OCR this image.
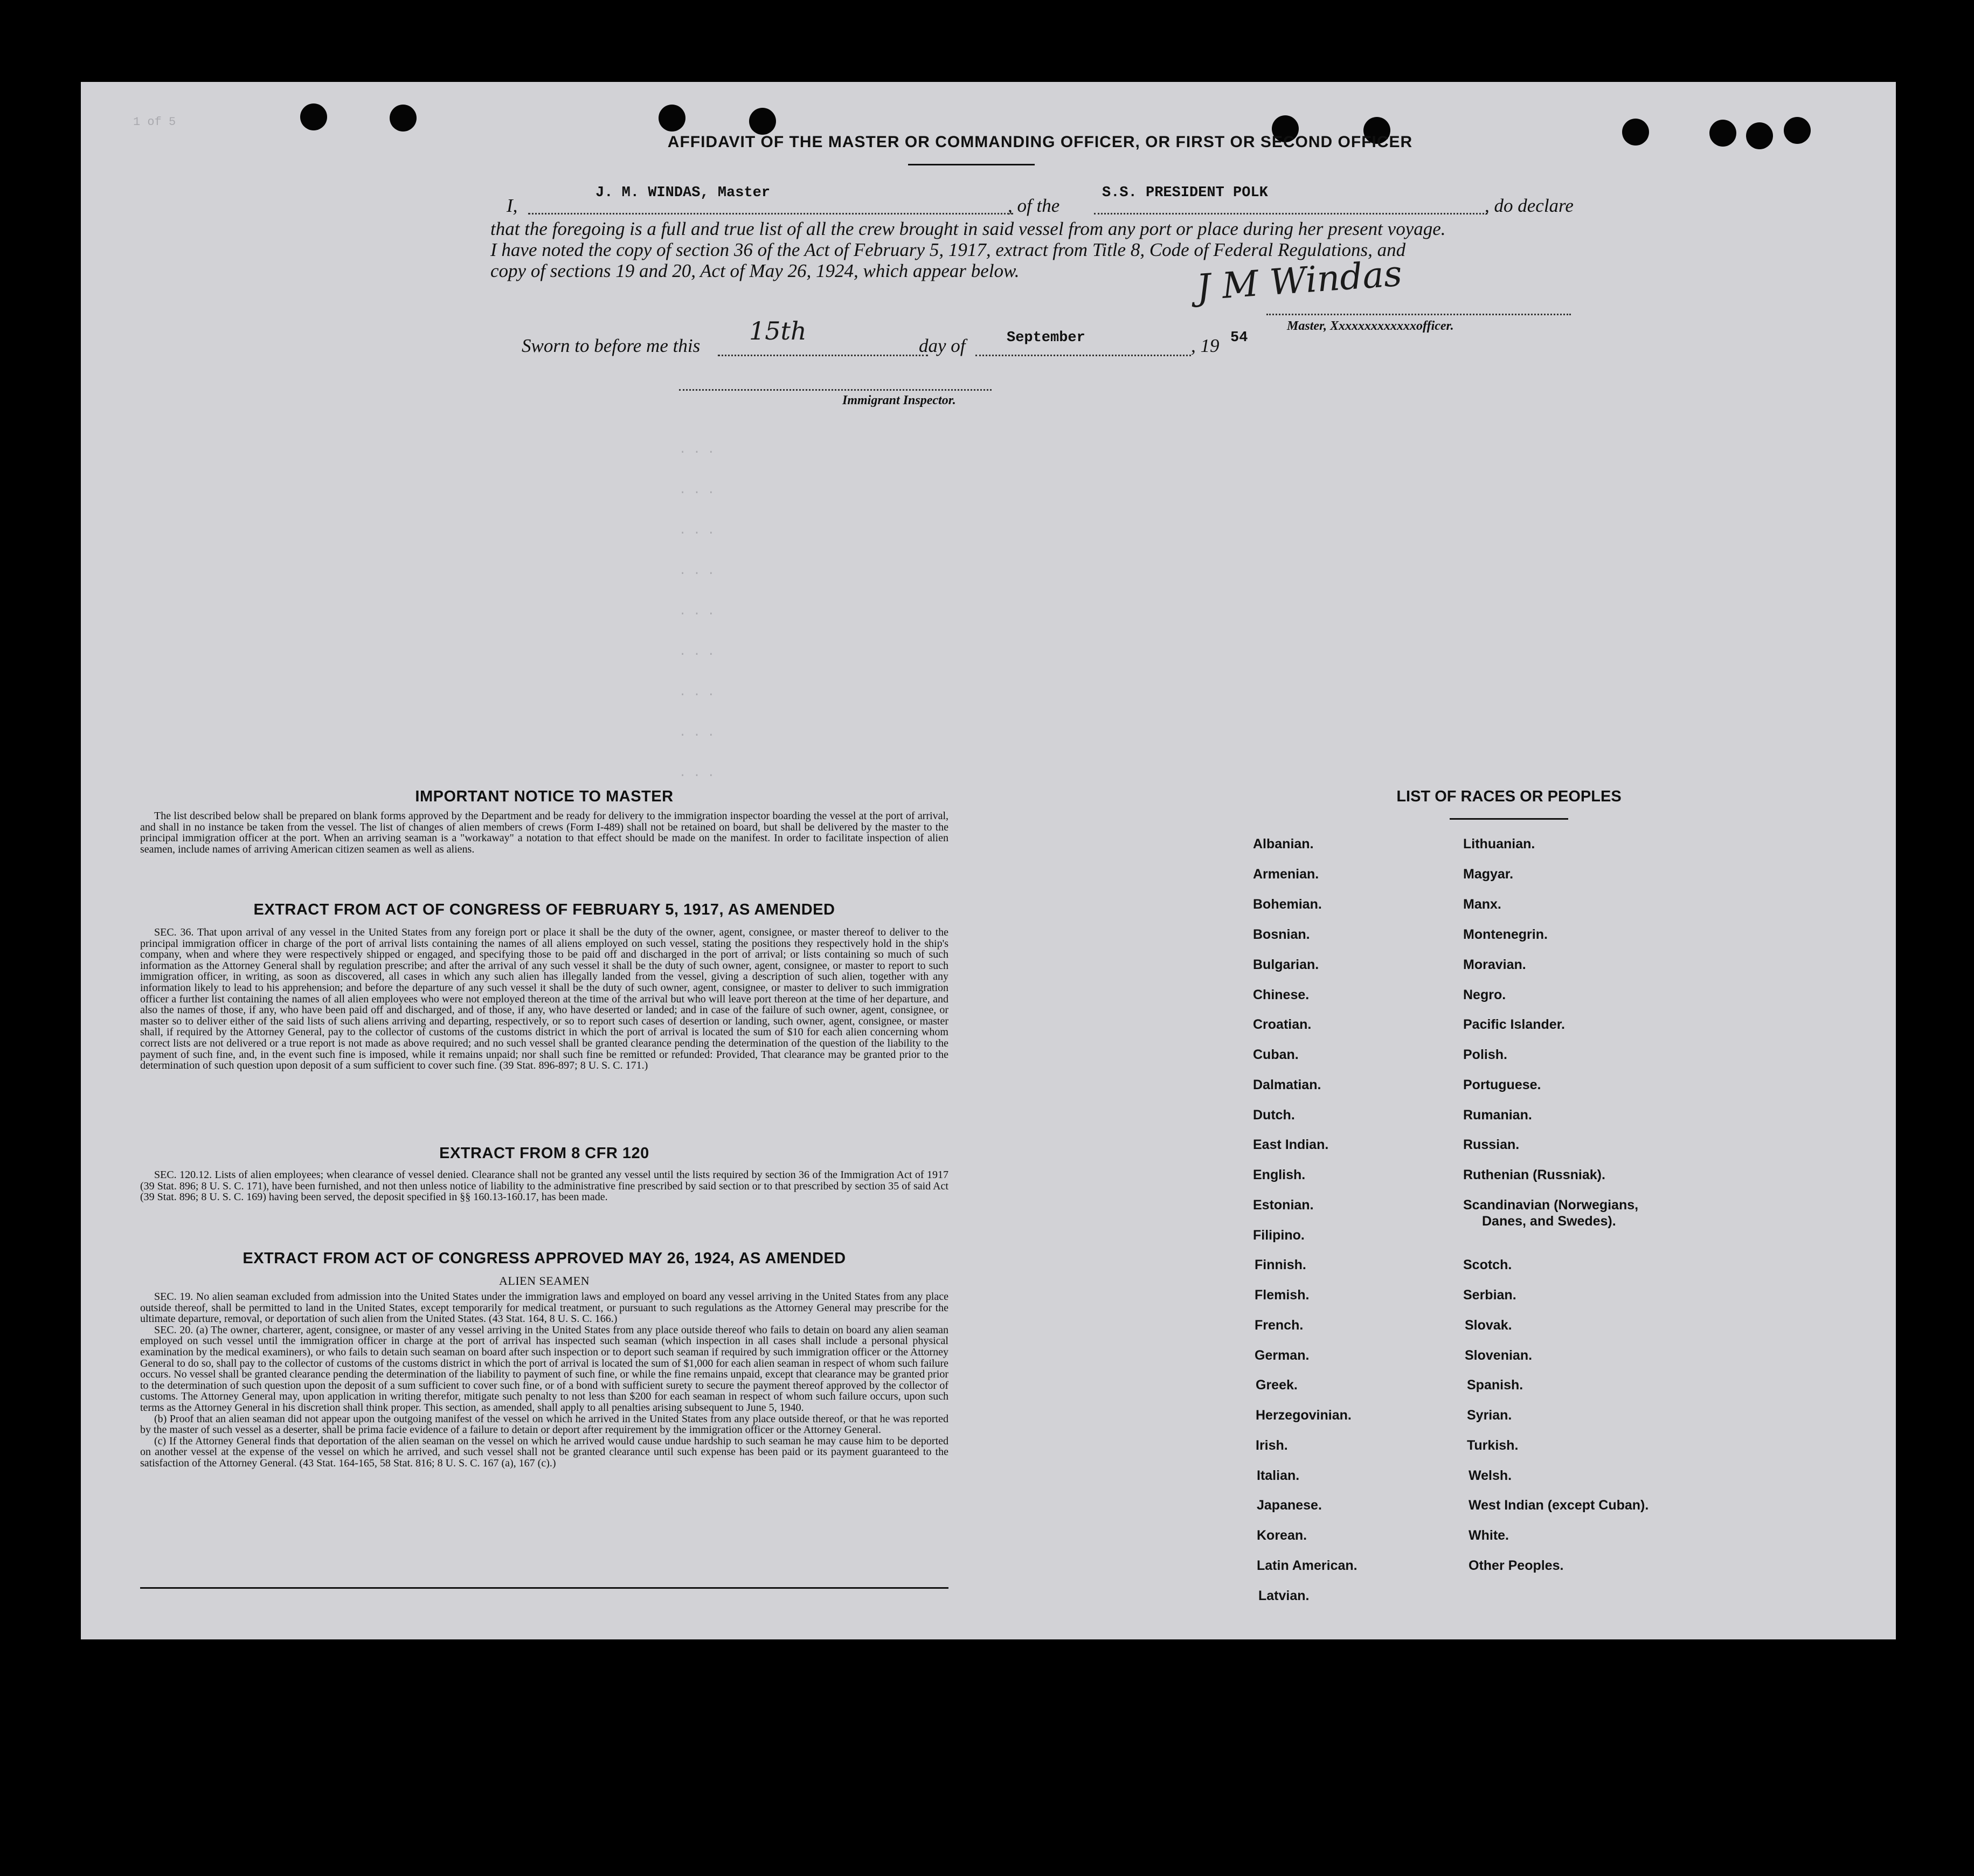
1 of 5
AFFIDAVIT OF THE MASTER OR COMMANDING OFFICER, OR FIRST OR SECOND OFFICER
I,
J. M. WINDAS, Master
, of the
S.S. PRESIDENT POLK
, do declare
that the foregoing is a full and true list of all the crew brought in said vessel from any port or place during her present voyage.
I have noted the copy of section 36 of the Act of February 5, 1917, extract from Title 8, Code of Federal Regulations, and
copy of sections 19 and 20, Act of May 26, 1924, which appear below.	J M Windas
Master, Xxxxxxxxxxxxxofficer.
Sworn to before me this
15th
day of	September	, 19 54
Immigrant Inspector.
. . .
. . .
. . .
. . .
. . .
. . .
. . .
. . .
. . .
IMPORTANT NOTICE TO MASTER

The list described below shall be prepared on blank forms approved by the Department and be ready for delivery to the immigration inspector boarding the vessel at the port of arrival, and shall in no instance be taken from the vessel. The list of changes of alien members of crews (Form I-489) shall not be retained on board, but shall be delivered by the master to the principal immigration officer at the port. When an arriving seaman is a "workaway" a notation to that effect should be made on the manifest. In order to facilitate inspection of alien seamen, include names of arriving American citizen seamen as well as aliens.

EXTRACT FROM ACT OF CONGRESS OF FEBRUARY 5, 1917, AS AMENDED

SEC. 36. That upon arrival of any vessel in the United States from any foreign port or place it shall be the duty of the owner, agent, consignee, or master thereof to deliver to the principal immigration officer in charge of the port of arrival lists containing the names of all aliens employed on such vessel, stating the positions they respectively hold in the ship's company, when and where they were respectively shipped or engaged, and specifying those to be paid off and discharged in the port of arrival; or lists containing so much of such information as the Attorney General shall by regulation prescribe; and after the arrival of any such vessel it shall be the duty of such owner, agent, consignee, or master to report to such immigration officer, in writing, as soon as discovered, all cases in which any such alien has illegally landed from the vessel, giving a description of such alien, together with any information likely to lead to his apprehension; and before the departure of any such vessel it shall be the duty of such owner, agent, consignee, or master to deliver to such immigration officer a further list containing the names of all alien employees who were not employed thereon at the time of the arrival but who will leave port thereon at the time of her departure, and also the names of those, if any, who have been paid off and discharged, and of those, if any, who have deserted or landed; and in case of the failure of such owner, agent, consignee, or master so to deliver either of the said lists of such aliens arriving and departing, respectively, or so to report such cases of desertion or landing, such owner, agent, consignee, or master shall, if required by the Attorney General, pay to the collector of customs of the customs district in which the port of arrival is located the sum of $10 for each alien concerning whom correct lists are not delivered or a true report is not made as above required; and no such vessel shall be granted clearance pending the determination of the question of the liability to the payment of such fine, and, in the event such fine is imposed, while it remains unpaid; nor shall such fine be remitted or refunded: Provided, That clearance may be granted prior to the determination of such question upon deposit of a sum sufficient to cover such fine. (39 Stat. 896-897; 8 U. S. C. 171.)

EXTRACT FROM 8 CFR 120

SEC. 120.12. Lists of alien employees; when clearance of vessel denied. Clearance shall not be granted any vessel until the lists required by section 36 of the Immigration Act of 1917 (39 Stat. 896; 8 U. S. C. 171), have been furnished, and not then unless notice of liability to the administrative fine prescribed by said section or to that prescribed by section 35 of said Act (39 Stat. 896; 8 U. S. C. 169) having been served, the deposit specified in §§ 160.13-160.17, has been made.

EXTRACT FROM ACT OF CONGRESS APPROVED MAY 26, 1924, AS AMENDED
ALIEN SEAMEN

SEC. 19. No alien seaman excluded from admission into the United States under the immigration laws and employed on board any vessel arriving in the United States from any place outside thereof, shall be permitted to land in the United States, except temporarily for medical treatment, or pursuant to such regulations as the Attorney General may prescribe for the ultimate departure, removal, or deportation of such alien from the United States. (43 Stat. 164, 8 U. S. C. 166.)

SEC. 20. (a) The owner, charterer, agent, consignee, or master of any vessel arriving in the United States from any place outside thereof who fails to detain on board any alien seaman employed on such vessel until the immigration officer in charge at the port of arrival has inspected such seaman (which inspection in all cases shall include a personal physical examination by the medical examiners), or who fails to detain such seaman on board after such inspection or to deport such seaman if required by such immigration officer or the Attorney General to do so, shall pay to the collector of customs of the customs district in which the port of arrival is located the sum of $1,000 for each alien seaman in respect of whom such failure occurs. No vessel shall be granted clearance pending the determination of the liability to payment of such fine, or while the fine remains unpaid, except that clearance may be granted prior to the determination of such question upon the deposit of a sum sufficient to cover such fine, or of a bond with sufficient surety to secure the payment thereof approved by the collector of customs. The Attorney General may, upon application in writing therefor, mitigate such penalty to not less than $200 for each seaman in respect of whom such failure occurs, upon such terms as the Attorney General in his discretion shall think proper. This section, as amended, shall apply to all penalties arising subsequent to June 5, 1940.

(b) Proof that an alien seaman did not appear upon the outgoing manifest of the vessel on which he arrived in the United States from any place outside thereof, or that he was reported by the master of such vessel as a deserter, shall be prima facie evidence of a failure to detain or deport after requirement by the immigration officer or the Attorney General.

(c) If the Attorney General finds that deportation of the alien seaman on the vessel on which he arrived would cause undue hardship to such seaman he may cause him to be deported on another vessel at the expense of the vessel on which he arrived, and such vessel shall not be granted clearance until such expense has been paid or its payment guaranteed to the satisfaction of the Attorney General. (43 Stat. 164-165, 58 Stat. 816; 8 U. S. C. 167 (a), 167 (c).)

LIST OF RACES OR PEOPLES
Albanian.
Armenian.
Bohemian.
Bosnian.
Bulgarian.
Chinese.
Croatian.
Cuban.
Dalmatian.
Dutch.
East Indian.
English.
Estonian.
Filipino.
Finnish.
Flemish.
French.
German.
Greek.
Herzegovinian.
Irish.
Italian.
Japanese.
Korean.
Latin American.
Latvian.
Lithuanian.
Magyar.
Manx.
Montenegrin.
Moravian.
Negro.
Pacific Islander.
Polish.
Portuguese.
Rumanian.
Russian.
Ruthenian (Russniak).
Scandinavian (Norwegians,
Danes, and Swedes).
Scotch.
Serbian.
Slovak.
Slovenian.
Spanish.
Syrian.
Turkish.
Welsh.
West Indian (except Cuban).
White.
Other Peoples.
